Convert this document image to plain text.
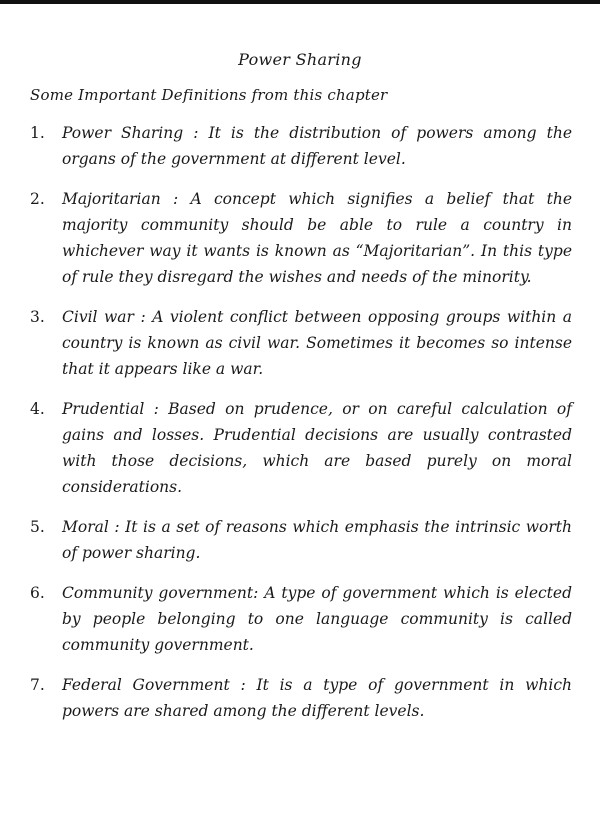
Power Sharing
Some Important Definitions from this chapter
1. Power Sharing : It is the distribution of powers among the organs of the government at different level.
2. Majoritarian : A concept which signifies a belief that the majority community should be able to rule a country in whichever way it wants is known as “Majoritarian”. In this type of rule they disregard the wishes and needs of the minority.
3. Civil war : A violent conflict between opposing groups within a country is known as civil war. Sometimes it becomes so intense that it appears like a war.
4. Prudential : Based on prudence, or on careful calculation of gains and losses. Prudential decisions are usually contrasted with those decisions, which are based purely on moral considerations.
5. Moral : It is a set of reasons which emphasis the intrinsic worth of power sharing.
6. Community government: A type of government which is elected by people belonging to one language community is called community government.
7. Federal Government : It is a type of government in which powers are shared among the different levels.
